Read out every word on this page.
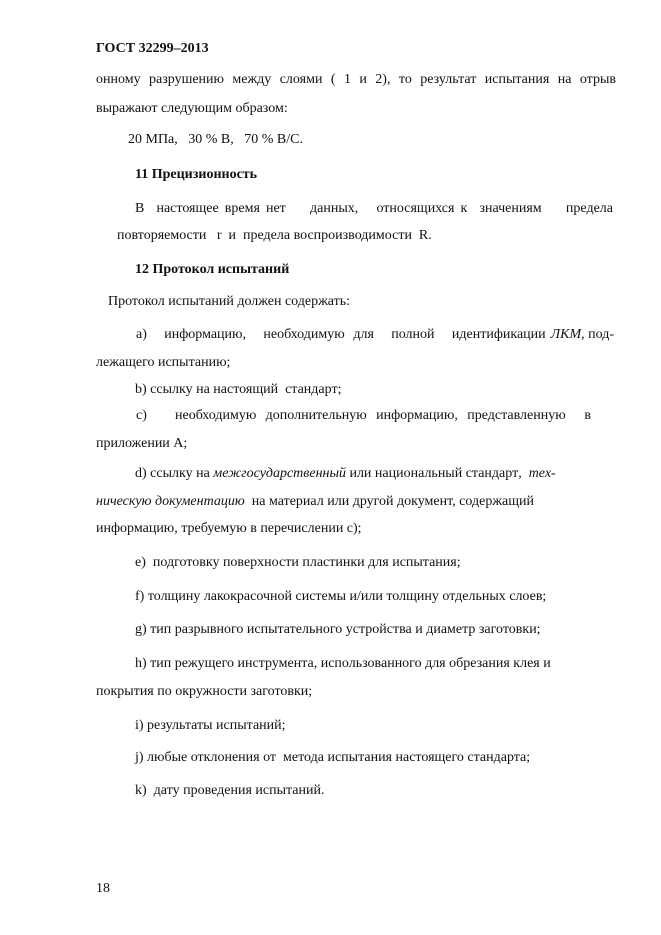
ГОСТ 32299–2013
онному разрушению между слоями ( 1 и 2), то результат испытания на отрыв
выражают следующим образом:
20 МПа,   30 % В,   70 % В/С.
11 Прецизионность
В  настоящее время нет    данных,   относящихся к  значениям    предела
повторяемости   r  и  предела воспроизводимости  R.
12 Протокол испытаний
Протокол испытаний должен содержать:
а)  информацию,  необходимую для  полной  идентификации ЛКМ , под-
лежащего испытанию;
b) ссылку на настоящий  стандарт;
с)   необходимую дополнительную информацию, представленную  в
приложении А;
d) ссылку на межгосударственный или национальный стандарт,  тех-
ническую документацию  на материал или другой документ, содержащий
информацию, требуемую в перечислении с);
е)  подготовку поверхности пластинки для испытания;
f) толщину лакокрасочной системы и/или толщину отдельных слоев;
g) тип разрывного испытательного устройства и диаметр заготовки;
h) тип режущего инструмента, использованного для обрезания клея и
покрытия по окружности заготовки;
i) результаты испытаний;
j) любые отклонения от  метода испытания настоящего стандарта;
k)  дату проведения испытаний.
18
